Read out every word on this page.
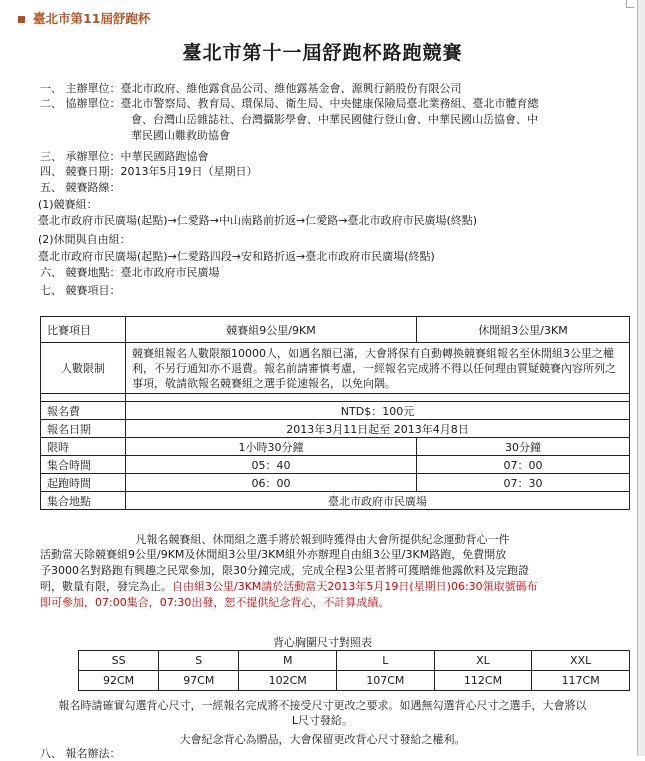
臺北市第11屆舒跑杯
臺北市第十一屆舒跑杯路跑競賽
一、 主辦單位：臺北市政府、維他露食品公司、維他露基金會、源興行銷股份有限公司
二、 協辦單位：臺北市警察局、教育局、環保局、衛生局、中央健康保險局臺北業務組、臺北市體育總
會、台灣山岳雜誌社、台灣攝影學會、中華民國健行登山會、中華民國山岳協會、中
華民國山難救助協會
三、 承辦單位：中華民國路跑協會
四、 競賽日期：2013年5月19日（星期日）
五、 競賽路線：
(1)競賽組：
臺北市政府市民廣場(起點)→仁愛路→中山南路前折返→仁愛路→臺北市政府市民廣場(終點)
(2)休閒與自由組：
臺北市政府市民廣場(起點)→仁愛路四段→安和路折返→臺北市政府市民廣場(終點)
六、 競賽地點：臺北市政府市民廣場
七、 競賽項目：
比賽項目	競賽組9公里/9KM	休閒組3公里/3KM
人數限制	競賽組報名人數限額10000人，如遇名額已滿，大會將保有自動轉換競賽組報名至休閒組3公里之權利，不另行通知亦不退費。報名前請審慎考慮，一經報名完成將不得以任何理由質疑競賽內容所列之事項，敬請欲報名競賽組之選手從速報名，以免向隅。	

報名費	NTD$：100元	
報名日期	2013年3月11日起至 2013年4月8日	
限時	1小時30分鐘	30分鐘
集合時間	05：40	07：00
起跑時間	06：00	07：30
集合地點	臺北市政府市民廣場	
凡報名競賽組、休閒組之選手將於報到時獲得由大會所提供紀念運動背心一件
活動當天除競賽組9公里/9KM及休閒組3公里/3KM組外亦辦理自由組3公里/3KM路跑，免費開放
予3000名對路跑有興趣之民眾參加，限30分鐘完成，完成全程3公里者將可獲贈維他露飲料及完跑證
明，數量有限，發完為止。自由組3公里/3KM請於活動當天2013年5月19日(星期日)06:30領取號碼布
即可參加，07:00集合，07:30出發，恕不提供紀念背心，不計算成績。
背心胸圍尺寸對照表
SS	S	M	L	XL	XXL
92CM	97CM	102CM	107CM	112CM	117CM
報名時請確實勾選背心尺寸，一經報名完成將不接受尺寸更改之要求。如遇無勾選背心尺寸之選手，大會將以
L尺寸發給。
大會紀念背心為贈品，大會保留更改背心尺寸發給之權利。
八、 報名辦法：
